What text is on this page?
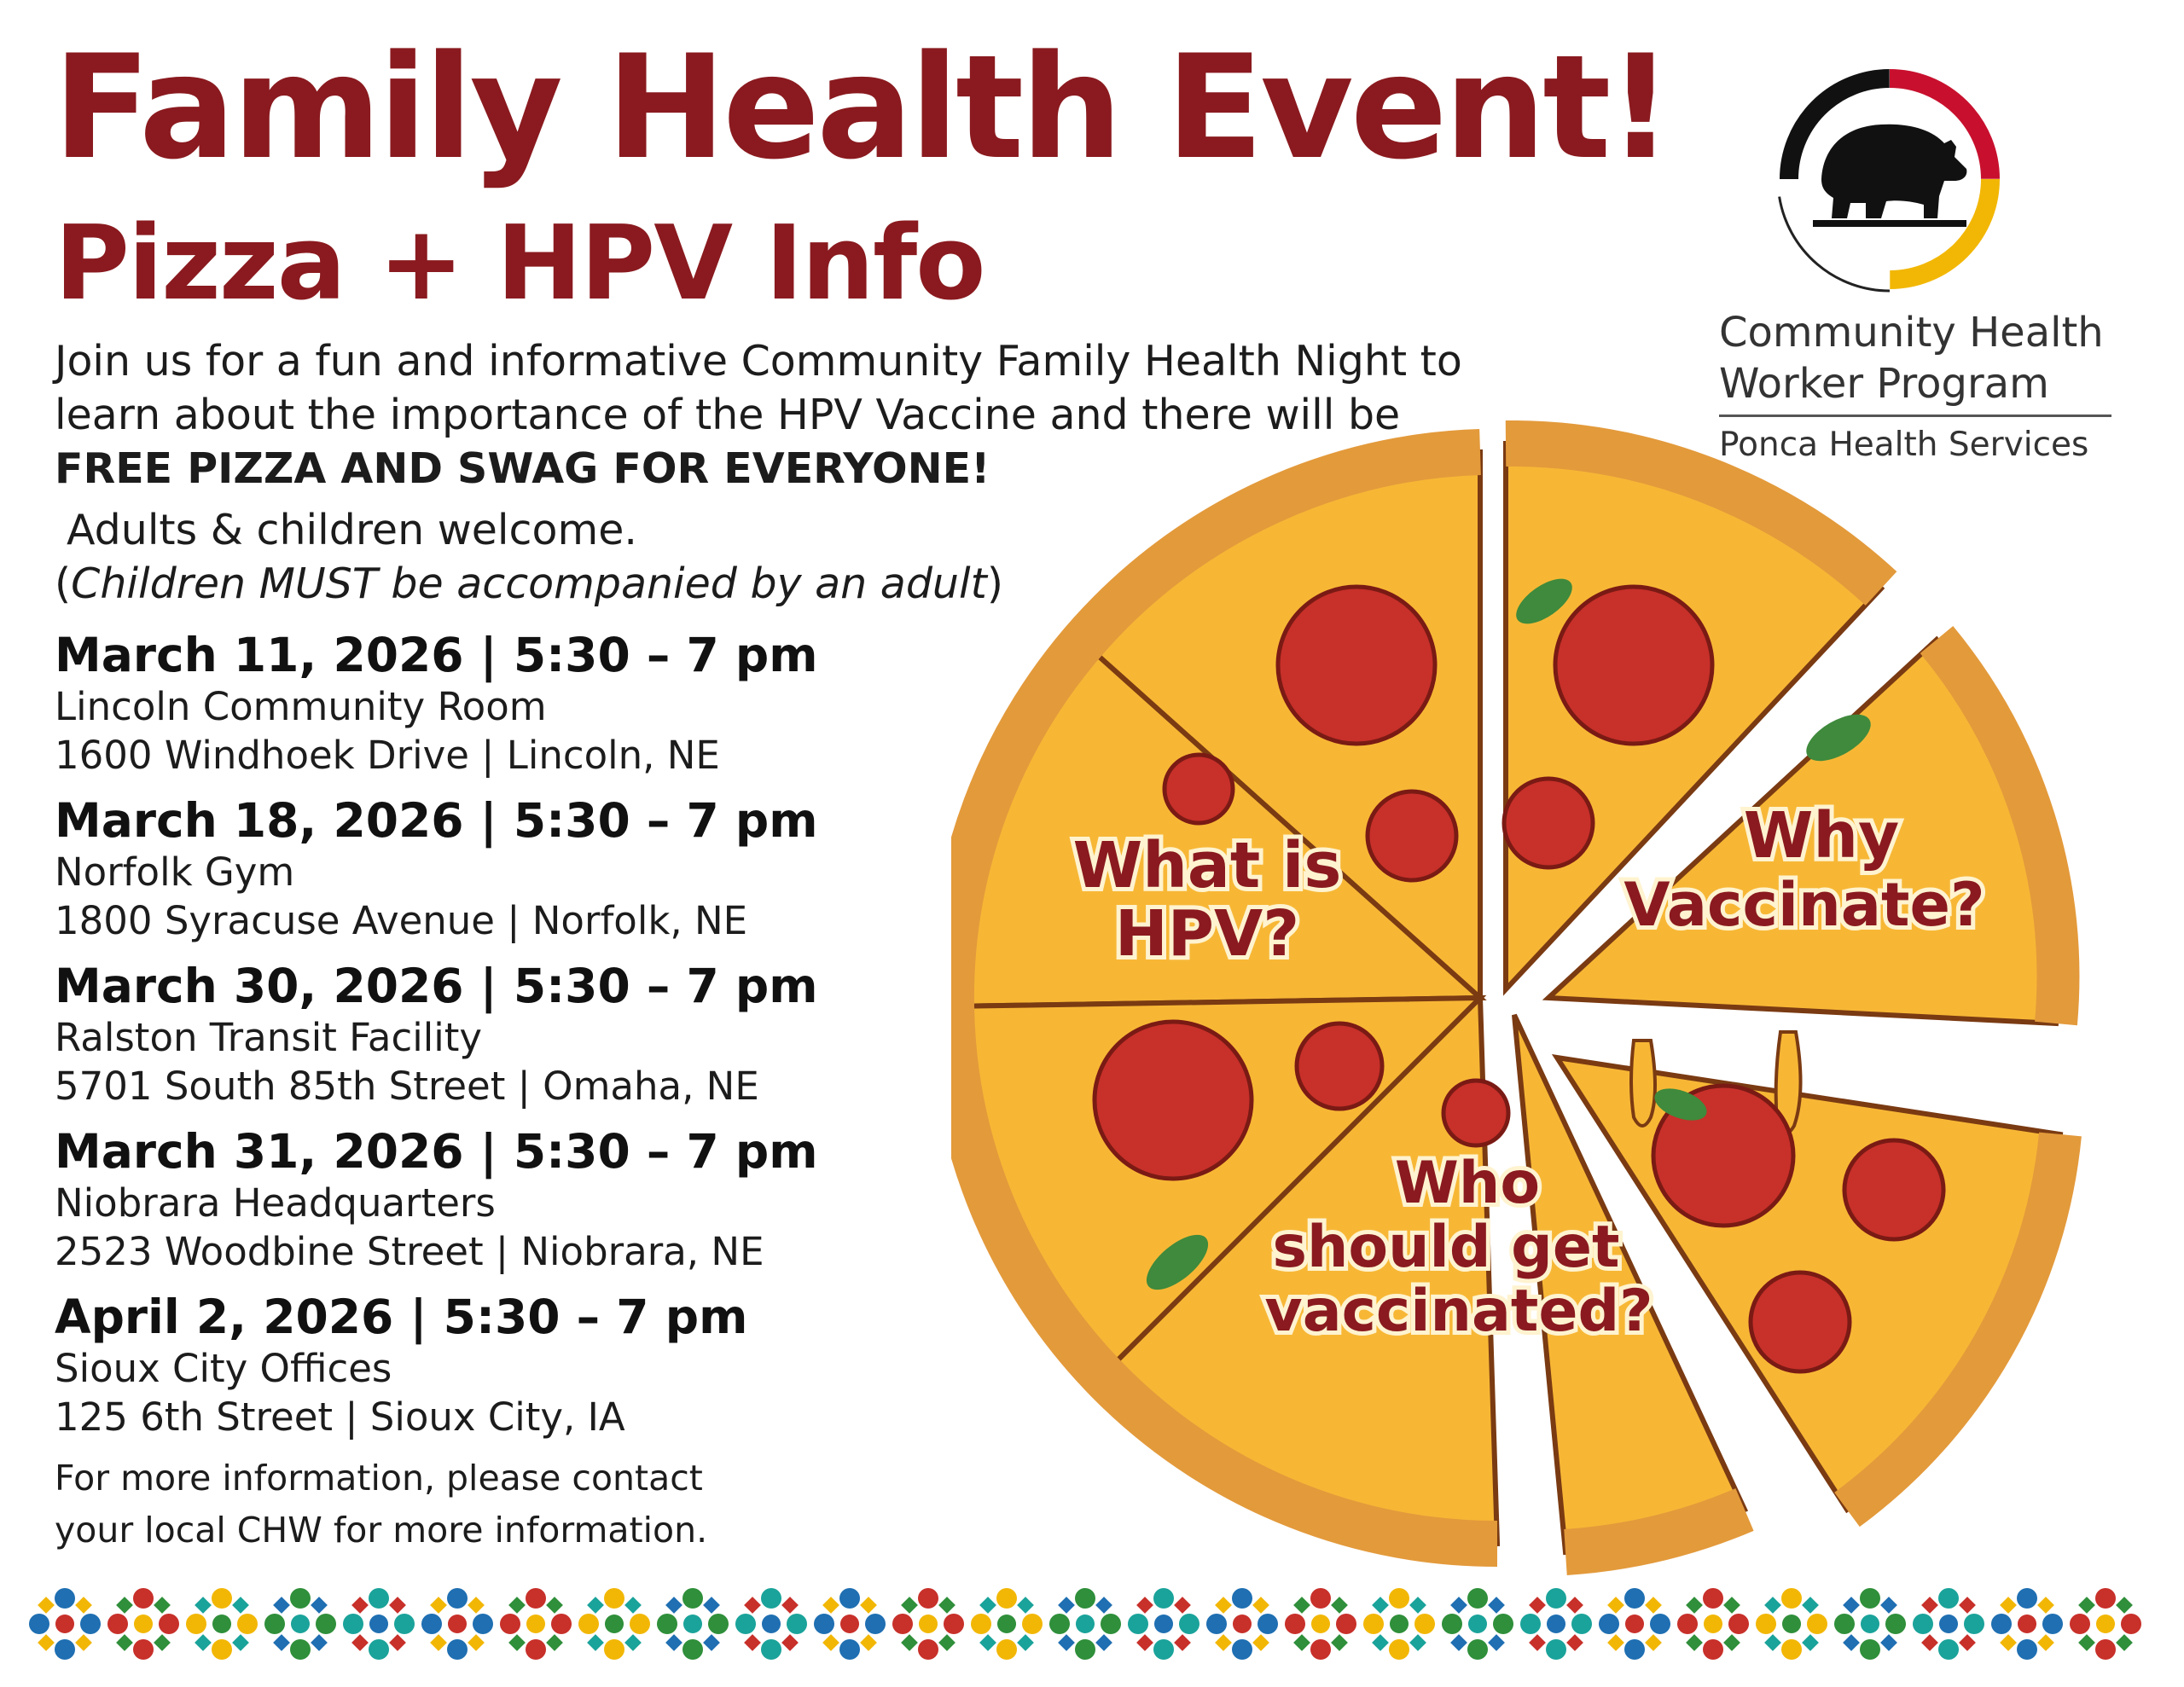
Family Health Event!
Pizza + HPV Info
Join us for a fun and informative Community Family Health Night to learn about the importance of the HPV Vaccine and there will be FREE PIZZA AND SWAG FOR EVERYONE!
Adults & children welcome.
(Children MUST be accompanied by an adult)
March 11, 2026 | 5:30 – 7 pm
Lincoln Community Room
1600 Windhoek Drive | Lincoln, NE
March 18, 2026 | 5:30 – 7 pm
Norfolk Gym
1800 Syracuse Avenue | Norfolk, NE
March 30, 2026 | 5:30 – 7 pm
Ralston Transit Facility
5701 South 85th Street | Omaha, NE
March 31, 2026 | 5:30 – 7 pm
Niobrara Headquarters
2523 Woodbine Street | Niobrara, NE
April 2, 2026 | 5:30 – 7 pm
Sioux City Offices
125 6th Street | Sioux City, IA
For more information, please contact
your local CHW for more information.
Community Health
Worker Program
Ponca Health Services
What is
HPV?
Why
Vaccinate?
Who
should get
vaccinated?
